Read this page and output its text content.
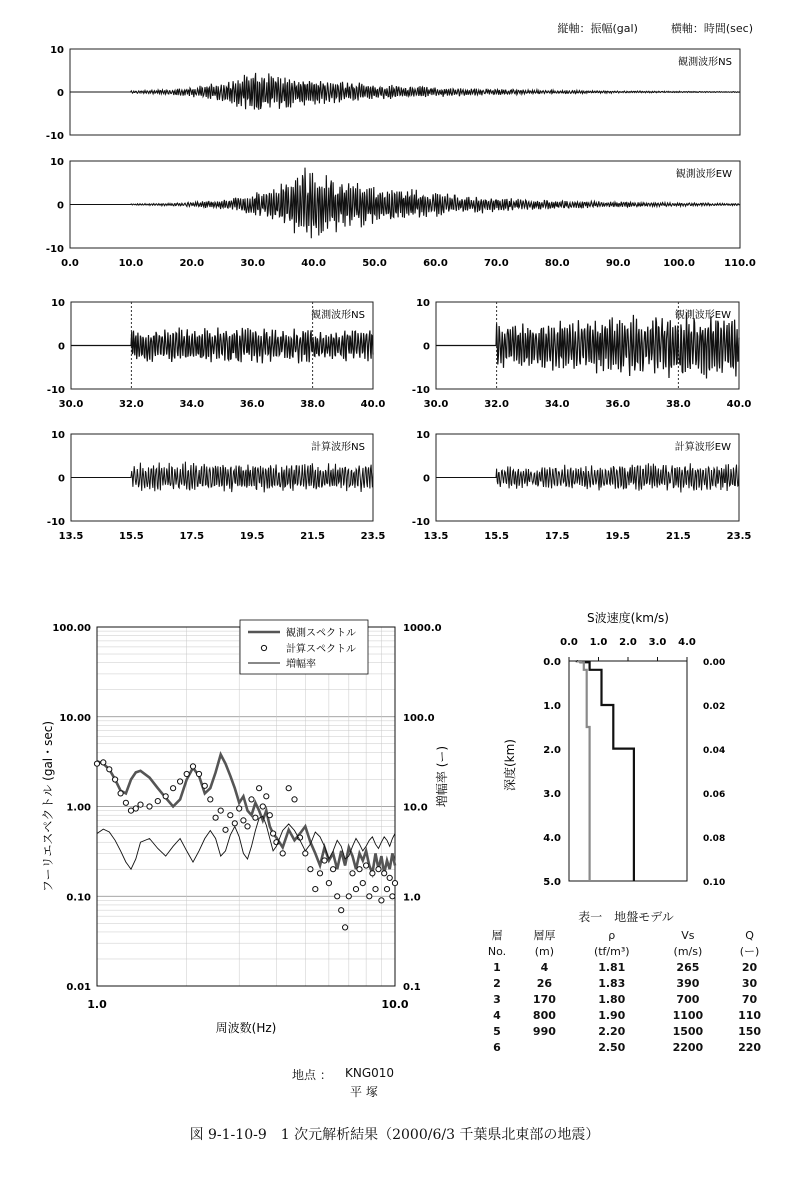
10
0
-10
観測波形NS
10
0
-10
0.0	10.0	20.0	30.0	40.0	50.0	60.0	70.0	80.0	90.0	100.0	110.0
観測波形EW
10
0
-10
30.0	32.0	34.0	36.0	38.0	40.0
観測波形NS
10
0
-10
30.0	32.0	34.0	36.0	38.0	40.0
観測波形EW
10
0
-10
13.5	15.5	17.5	19.5	21.5	23.5
計算波形NS
10
0
-10
13.5	15.5	17.5	19.5	21.5	23.5
計算波形EW
100.00
10.00
1.00
0.10
0.01
1000.0
100.0
10.0
1.0
0.1
1.0	10.0
周波数(Hz)
フーリエスペクトル (gal・sec)	増幅率 (ー)
観測スペクトル
計算スペクトル
増幅率
S波速度(km/s)
0.0 1.0 2.0 3.0 4.0
0.0
1.0
2.0
3.0
4.0
5.0
0.00
0.02
0.04
0.06
0.08
0.10
深度(km)
縦軸：振幅(gal)　　　横軸：時間(sec)
地点 ： KNG010
平 塚
表一　地盤モデル
層	層厚	ρ	Vs	Q
No.	(m)	(tf/m³)	(m/s)	(ー)
1	4	1.81	265	20
2	26	1.83	390	30
3	170	1.80	700	70
4	800	1.90	1100	110
5	990	2.20	1500	150
6		2.50	2200	220
図 9-1-10-9　1 次元解析結果（2000/6/3 千葉県北東部の地震）
